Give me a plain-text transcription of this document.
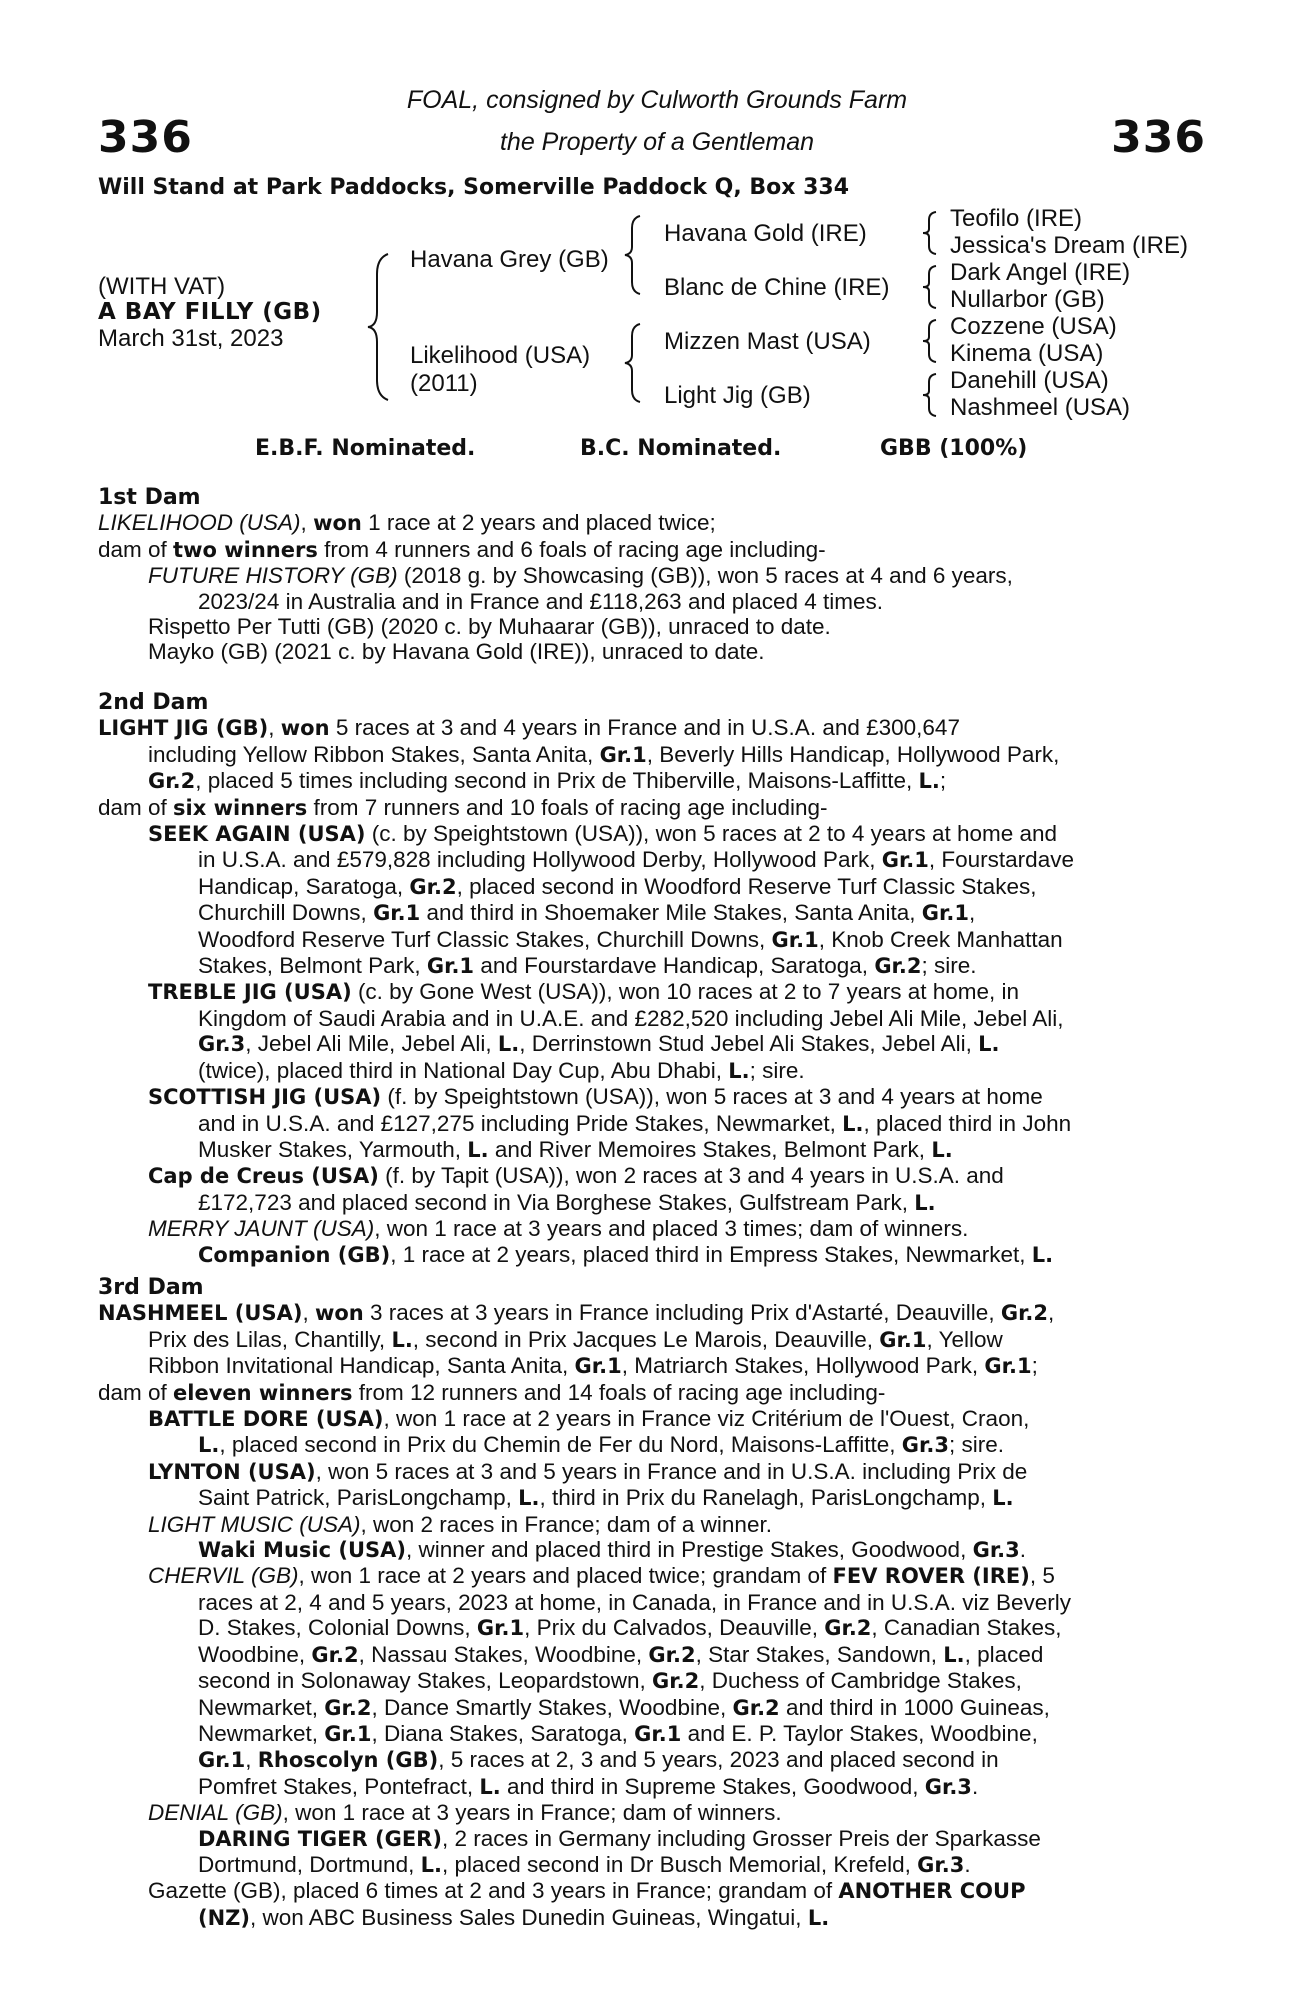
336	336
FOAL, consigned by Culworth Grounds Farm
the Property of a Gentleman
Will Stand at Park Paddocks, Somerville Paddock Q, Box 334
(WITH VAT)
A BAY FILLY (GB)
March 31st, 2023
Havana Grey (GB)
Likelihood (USA)
(2011)
Havana Gold (IRE)
Blanc de Chine (IRE)
Mizzen Mast (USA)
Light Jig (GB)
Teofilo (IRE)
Jessica's Dream (IRE)
Dark Angel (IRE)
Nullarbor (GB)
Cozzene (USA)
Kinema (USA)
Danehill (USA)
Nashmeel (USA)
E.B.F. Nominated.	B.C. Nominated.	GBB (100%)
1st Dam
LIKELIHOOD (USA), won 1 race at 2 years and placed twice;
dam of two winners from 4 runners and 6 foals of racing age including-
FUTURE HISTORY (GB) (2018 g. by Showcasing (GB)), won 5 races at 4 and 6 years,
2023/24 in Australia and in France and £118,263 and placed 4 times.
Rispetto Per Tutti (GB) (2020 c. by Muhaarar (GB)), unraced to date.
Mayko (GB) (2021 c. by Havana Gold (IRE)), unraced to date.
2nd Dam
LIGHT JIG (GB), won 5 races at 3 and 4 years in France and in U.S.A. and £300,647
including Yellow Ribbon Stakes, Santa Anita, Gr.1, Beverly Hills Handicap, Hollywood Park,
Gr.2, placed 5 times including second in Prix de Thiberville, Maisons-Laffitte, L.;
dam of six winners from 7 runners and 10 foals of racing age including-
SEEK AGAIN (USA) (c. by Speightstown (USA)), won 5 races at 2 to 4 years at home and
in U.S.A. and £579,828 including Hollywood Derby, Hollywood Park, Gr.1, Fourstardave
Handicap, Saratoga, Gr.2, placed second in Woodford Reserve Turf Classic Stakes,
Churchill Downs, Gr.1 and third in Shoemaker Mile Stakes, Santa Anita, Gr.1,
Woodford Reserve Turf Classic Stakes, Churchill Downs, Gr.1, Knob Creek Manhattan
Stakes, Belmont Park, Gr.1 and Fourstardave Handicap, Saratoga, Gr.2; sire.
TREBLE JIG (USA) (c. by Gone West (USA)), won 10 races at 2 to 7 years at home, in
Kingdom of Saudi Arabia and in U.A.E. and £282,520 including Jebel Ali Mile, Jebel Ali,
Gr.3, Jebel Ali Mile, Jebel Ali, L., Derrinstown Stud Jebel Ali Stakes, Jebel Ali, L.
(twice), placed third in National Day Cup, Abu Dhabi, L.; sire.
SCOTTISH JIG (USA) (f. by Speightstown (USA)), won 5 races at 3 and 4 years at home
and in U.S.A. and £127,275 including Pride Stakes, Newmarket, L., placed third in John
Musker Stakes, Yarmouth, L. and River Memoires Stakes, Belmont Park, L.
Cap de Creus (USA) (f. by Tapit (USA)), won 2 races at 3 and 4 years in U.S.A. and
£172,723 and placed second in Via Borghese Stakes, Gulfstream Park, L.
MERRY JAUNT (USA), won 1 race at 3 years and placed 3 times; dam of winners.
Companion (GB), 1 race at 2 years, placed third in Empress Stakes, Newmarket, L.
3rd Dam
NASHMEEL (USA), won 3 races at 3 years in France including Prix d'Astarté, Deauville, Gr.2,
Prix des Lilas, Chantilly, L., second in Prix Jacques Le Marois, Deauville, Gr.1, Yellow
Ribbon Invitational Handicap, Santa Anita, Gr.1, Matriarch Stakes, Hollywood Park, Gr.1;
dam of eleven winners from 12 runners and 14 foals of racing age including-
BATTLE DORE (USA), won 1 race at 2 years in France viz Critérium de l'Ouest, Craon,
L., placed second in Prix du Chemin de Fer du Nord, Maisons-Laffitte, Gr.3; sire.
LYNTON (USA), won 5 races at 3 and 5 years in France and in U.S.A. including Prix de
Saint Patrick, ParisLongchamp, L., third in Prix du Ranelagh, ParisLongchamp, L.
LIGHT MUSIC (USA), won 2 races in France; dam of a winner.
Waki Music (USA), winner and placed third in Prestige Stakes, Goodwood, Gr.3.
CHERVIL (GB), won 1 race at 2 years and placed twice; grandam of FEV ROVER (IRE), 5
races at 2, 4 and 5 years, 2023 at home, in Canada, in France and in U.S.A. viz Beverly
D. Stakes, Colonial Downs, Gr.1, Prix du Calvados, Deauville, Gr.2, Canadian Stakes,
Woodbine, Gr.2, Nassau Stakes, Woodbine, Gr.2, Star Stakes, Sandown, L., placed
second in Solonaway Stakes, Leopardstown, Gr.2, Duchess of Cambridge Stakes,
Newmarket, Gr.2, Dance Smartly Stakes, Woodbine, Gr.2 and third in 1000 Guineas,
Newmarket, Gr.1, Diana Stakes, Saratoga, Gr.1 and E. P. Taylor Stakes, Woodbine,
Gr.1, Rhoscolyn (GB), 5 races at 2, 3 and 5 years, 2023 and placed second in
Pomfret Stakes, Pontefract, L. and third in Supreme Stakes, Goodwood, Gr.3.
DENIAL (GB), won 1 race at 3 years in France; dam of winners.
DARING TIGER (GER), 2 races in Germany including Grosser Preis der Sparkasse
Dortmund, Dortmund, L., placed second in Dr Busch Memorial, Krefeld, Gr.3.
Gazette (GB), placed 6 times at 2 and 3 years in France; grandam of ANOTHER COUP
(NZ), won ABC Business Sales Dunedin Guineas, Wingatui, L.
